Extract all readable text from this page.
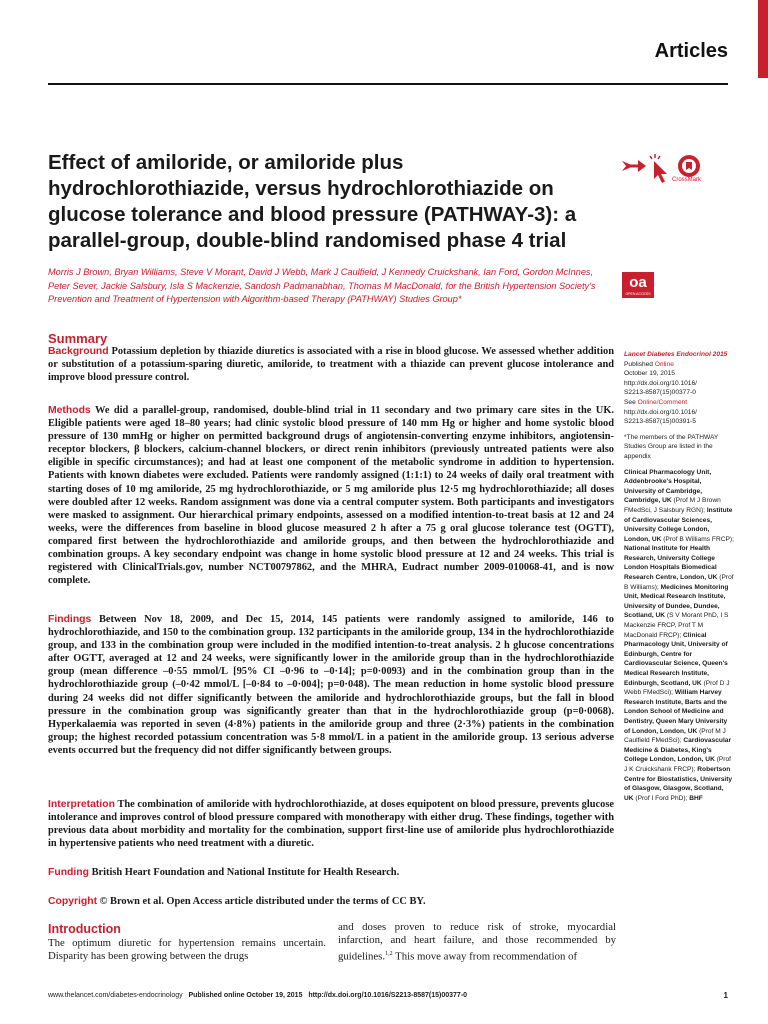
Articles
Effect of amiloride, or amiloride plus hydrochlorothiazide, versus hydrochlorothiazide on glucose tolerance and blood pressure (PATHWAY-3): a parallel-group, double-blind randomised phase 4 trial
CrossMark

Morris J Brown, Bryan Williams, Steve V Morant, David J Webb, Mark J Caulfield, J Kennedy Cruickshank, Ian Ford, Gordon McInnes, Peter Sever, Jackie Salsbury, Isla S Mackenzie, Sandosh Padmanabhan, Thomas M MacDonald, for the British Hypertension Society's Prevention and Treatment of Hypertension with Algorithm-based Therapy (PATHWAY) Studies Group*

oa
OPEN ACCESS
Summary

Background Potassium depletion by thiazide diuretics is associated with a rise in blood glucose. We assessed whether addition or substitution of a potassium-sparing diuretic, amiloride, to treatment with a thiazide can prevent glucose intolerance and improve blood pressure control.

Methods We did a parallel-group, randomised, double-blind trial in 11 secondary and two primary care sites in the UK. Eligible patients were aged 18–80 years; had clinic systolic blood pressure of 140 mm Hg or higher and home systolic blood pressure of 130 mmHg or higher on permitted background drugs of angiotensin-converting enzyme inhibitors, angiotensin-receptor blockers, β blockers, calcium-channel blockers, or direct renin inhibitors (previously untreated patients were also eligible in specific circumstances); and had at least one component of the metabolic syndrome in addition to hypertension. Patients with known diabetes were excluded. Patients were randomly assigned (1:1:1) to 24 weeks of daily oral treatment with starting doses of 10 mg amiloride, 25 mg hydrochlorothiazide, or 5 mg amiloride plus 12·5 mg hydrochlorothiazide; all doses were doubled after 12 weeks. Random assignment was done via a central computer system. Both participants and investigators were masked to assignment. Our hierarchical primary endpoints, assessed on a modified intention-to-treat basis at 12 and 24 weeks, were the differences from baseline in blood glucose measured 2 h after a 75 g oral glucose tolerance test (OGTT), compared first between the hydrochlorothiazide and amiloride groups, and then between the hydrochlorothiazide and combination groups. A key secondary endpoint was change in home systolic blood pressure at 12 and 24 weeks. This trial is registered with ClinicalTrials.gov, number NCT00797862, and the MHRA, Eudract number 2009-010068-41, and is now complete.

Findings Between Nov 18, 2009, and Dec 15, 2014, 145 patients were randomly assigned to amiloride, 146 to hydrochlorothiazide, and 150 to the combination group. 132 participants in the amiloride group, 134 in the hydrochlorothiazide group, and 133 in the combination group were included in the modified intention-to-treat analysis. 2 h glucose concentrations after OGTT, averaged at 12 and 24 weeks, were significantly lower in the amiloride group than in the hydrochlorothiazide group (mean difference –0·55 mmol/L [95% CI –0·96 to –0·14]; p=0·0093) and in the combination group than in the hydrochlorothiazide group (–0·42 mmol/L [–0·84 to –0·004]; p=0·048). The mean reduction in home systolic blood pressure during 24 weeks did not differ significantly between the amiloride and hydrochlorothiazide groups, but the fall in blood pressure in the combination group was significantly greater than that in the hydrochlorothiazide group (p=0·0068). Hyperkalaemia was reported in seven (4·8%) patients in the amiloride group and three (2·3%) patients in the combination group; the highest recorded potassium concentration was 5·8 mmol/L in a patient in the amiloride group. 13 serious adverse events occurred but the frequency did not differ significantly between groups.

Interpretation The combination of amiloride with hydrochlorothiazide, at doses equipotent on blood pressure, prevents glucose intolerance and improves control of blood pressure compared with monotherapy with either drug. These findings, together with previous data about morbidity and mortality for the combination, support first-line use of amiloride plus hydrochlorothiazide in hypertensive patients who need treatment with a diuretic.

Funding British Heart Foundation and National Institute for Health Research.

Copyright © Brown et al. Open Access article distributed under the terms of CC BY.

Introduction

The optimum diuretic for hypertension remains uncertain. Disparity has been growing between the drugs

and doses proven to reduce risk of stroke, myocardial infarction, and heart failure, and those recommended by guidelines.$^{1,2}$ This move away from recommendation of

Lancet Diabetes Endocrinol 2015
Published Online
October 19, 2015
http://dx.doi.org/10.1016/
S2213-8587(15)00377-0
See Online/Comment
http://dx.doi.org/10.1016/
S2213-8587(15)00391-5
*The members of the PATHWAY Studies Group are listed in the appendix
Clinical Pharmacology Unit, Addenbrooke's Hospital, University of Cambridge, Cambridge, UK (Prof M J Brown FMedSci, J Salsbury RGN); Institute of Cardiovascular Sciences, University College London, London, UK (Prof B Williams FRCP); National Institute for Health Research, University College London Hospitals Biomedical Research Centre, London, UK (Prof B Williams); Medicines Monitoring Unit, Medical Research Institute, University of Dundee, Dundee, Scotland, UK (S V Morant PhD, I S Mackenzie FRCP, Prof T M MacDonald FRCP); Clinical Pharmacology Unit, University of Edinburgh, Centre for Cardiovascular Science, Queen's Medical Research Institute, Edinburgh, Scotland, UK (Prof D J Webb FMedSci); William Harvey Research Institute, Barts and the London School of Medicine and Dentistry, Queen Mary University of London, London, UK (Prof M J Caulfield FMedSci); Cardiovascular Medicine & Diabetes, King's College London, London, UK (Prof J K Cruickshank FRCP); Robertson Centre for Biostatistics, University of Glasgow, Glasgow, Scotland, UK (Prof I Ford PhD); BHF
www.thelancet.com/diabetes-endocrinology Published online October 19, 2015 http://dx.doi.org/10.1016/S2213-8587(15)00377-0	1
